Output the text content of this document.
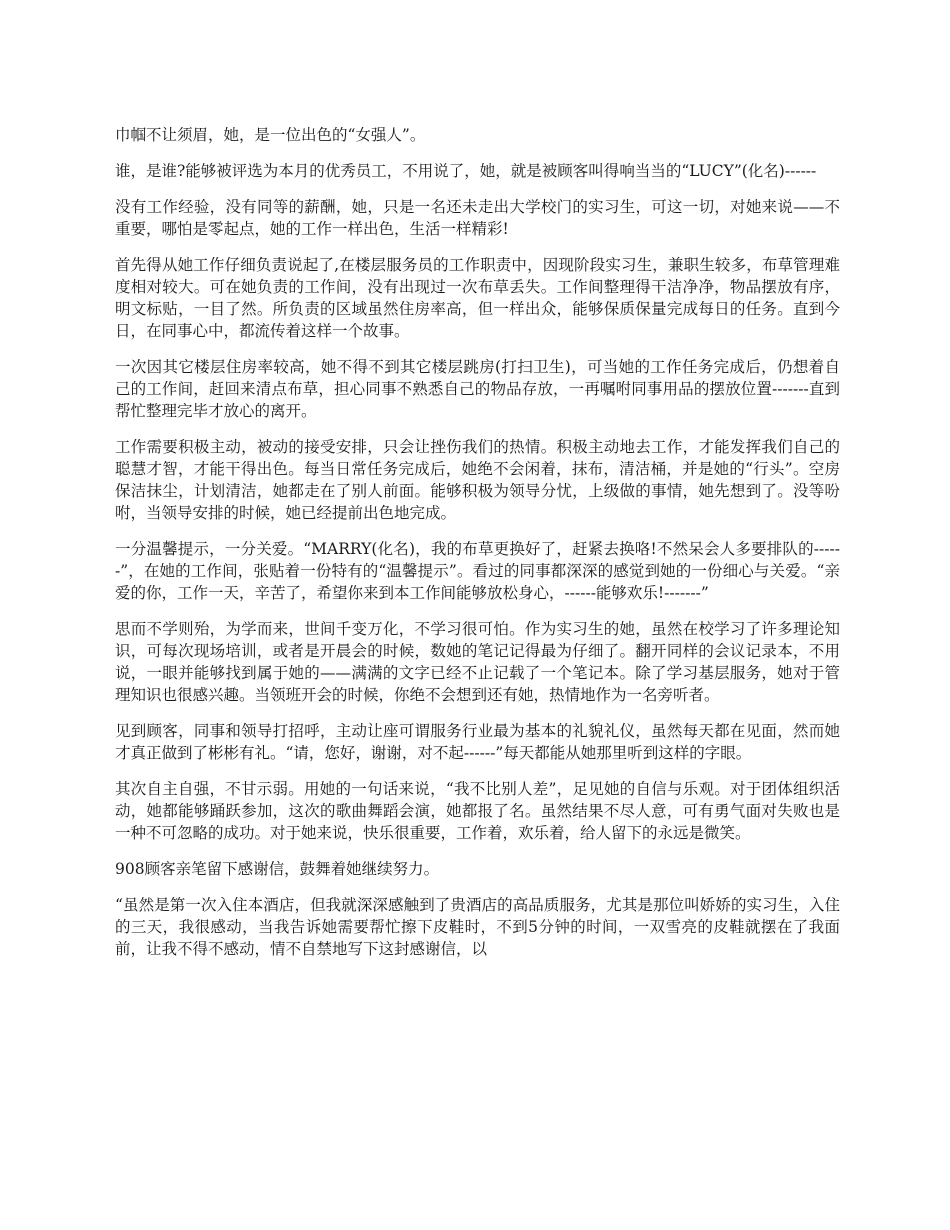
巾帼不让须眉，她，是一位出色的“女强人”。

谁，是谁?能够被评选为本月的优秀员工，不用说了，她，就是被顾客叫得响当当的“LUCY”(化名)------

没有工作经验，没有同等的薪酬，她，只是一名还未走出大学校门的实习生，可这一切，对她来说——不重要，哪怕是零起点，她的工作一样出色，生活一样精彩!

首先得从她工作仔细负责说起了,在楼层服务员的工作职责中，因现阶段实习生，兼职生较多，布草管理难度相对较大。可在她负责的工作间，没有出现过一次布草丢失。工作间整理得干洁净净，物品摆放有序，明文标贴，一目了然。所负责的区域虽然住房率高，但一样出众，能够保质保量完成每日的任务。直到今日，在同事心中，都流传着这样一个故事。

一次因其它楼层住房率较高，她不得不到其它楼层跳房(打扫卫生)，可当她的工作任务完成后，仍想着自己的工作间，赶回来清点布草，担心同事不熟悉自己的物品存放，一再嘱咐同事用品的摆放位置-------直到帮忙整理完毕才放心的离开。

工作需要积极主动，被动的接受安排，只会让挫伤我们的热情。积极主动地去工作，才能发挥我们自己的聪慧才智，才能干得出色。每当日常任务完成后，她绝不会闲着，抹布，清洁桶，并是她的“行头”。空房保洁抹尘，计划清洁，她都走在了别人前面。能够积极为领导分忧，上级做的事情，她先想到了。没等吩咐，当领导安排的时候，她已经提前出色地完成。

一分温馨提示，一分关爱。“MARRY(化名)，我的布草更换好了，赶紧去换咯!不然呆会人多要排队的------”，在她的工作间，张贴着一份特有的“温馨提示”。看过的同事都深深的感觉到她的一份细心与关爱。“亲爱的你，工作一天，辛苦了，希望你来到本工作间能够放松身心，------能够欢乐!-------”

思而不学则殆，为学而来，世间千变万化，不学习很可怕。作为实习生的她，虽然在校学习了许多理论知识，可每次现场培训，或者是开晨会的时候，数她的笔记记得最为仔细了。翻开同样的会议记录本，不用说，一眼并能够找到属于她的——满满的文字已经不止记载了一个笔记本。除了学习基层服务，她对于管理知识也很感兴趣。当领班开会的时候，你绝不会想到还有她，热情地作为一名旁听者。

见到顾客，同事和领导打招呼，主动让座可谓服务行业最为基本的礼貌礼仪，虽然每天都在见面，然而她才真正做到了彬彬有礼。“请，您好，谢谢，对不起------”每天都能从她那里听到这样的字眼。

其次自主自强，不甘示弱。用她的一句话来说，“我不比别人差”，足见她的自信与乐观。对于团体组织活动，她都能够踊跃参加，这次的歌曲舞蹈会演，她都报了名。虽然结果不尽人意，可有勇气面对失败也是一种不可忽略的成功。对于她来说，快乐很重要，工作着，欢乐着，给人留下的永远是微笑。

908顾客亲笔留下感谢信，鼓舞着她继续努力。

“虽然是第一次入住本酒店，但我就深深感触到了贵酒店的高品质服务，尤其是那位叫娇娇的实习生，入住的三天，我很感动，当我告诉她需要帮忙擦下皮鞋时，不到5分钟的时间，一双雪亮的皮鞋就摆在了我面前，让我不得不感动，情不自禁地写下这封感谢信，以
